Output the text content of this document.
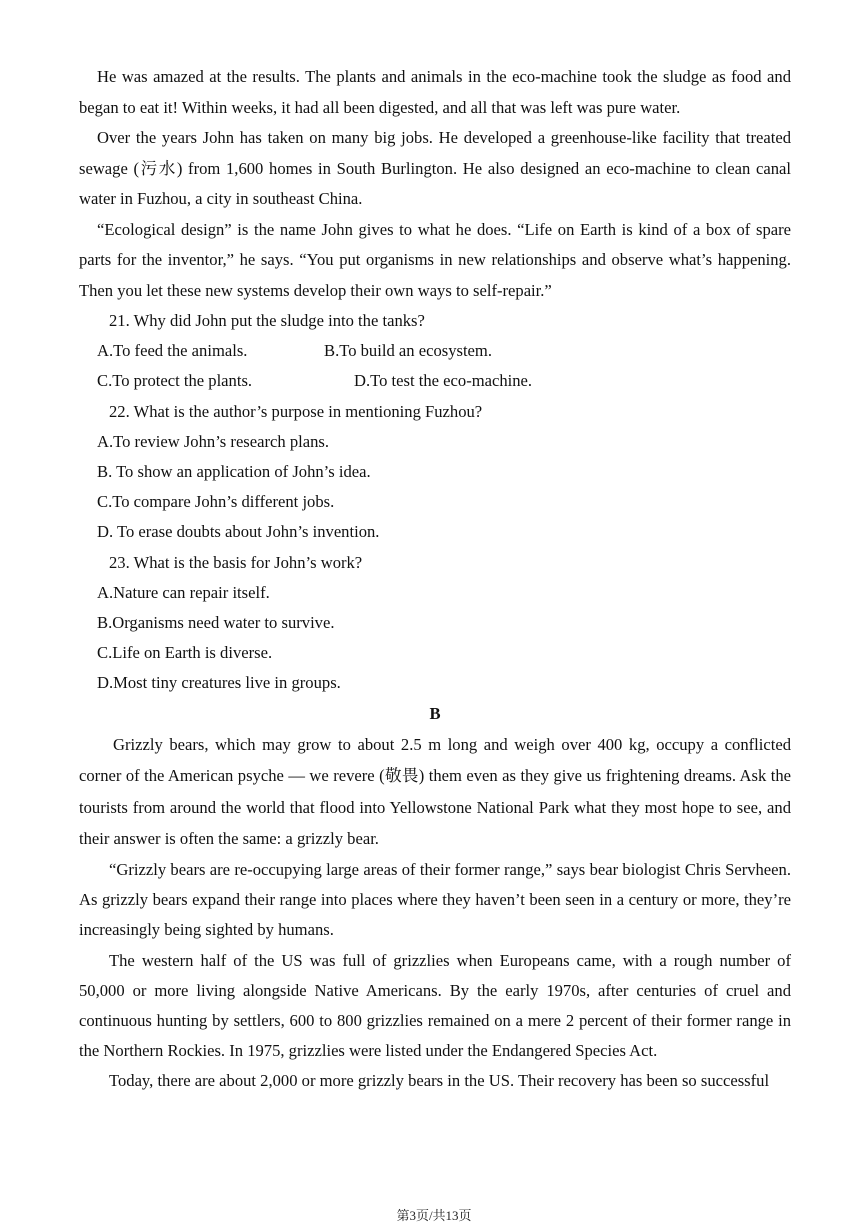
He was amazed at the results. The plants and animals in the eco-machine took the sludge as food and began to eat it! Within weeks, it had all been digested, and all that was left was pure water.

Over the years John has taken on many big jobs. He developed a greenhouse-like facility that treated sewage (污水) from 1,600 homes in South Burlington. He also designed an eco-machine to clean canal water in Fuzhou, a city in southeast China.

“Ecological design” is the name John gives to what he does. “Life on Earth is kind of a box of spare parts for the inventor,” he says. “You put organisms in new relationships and observe what’s happening. Then you let these new systems develop their own ways to self-repair.”

21. Why did John put the sludge into the tanks?

A.To feed the animals.	B.To build an ecosystem.
C.To protect the plants.	D.To test the eco-machine.

22. What is the author’s purpose in mentioning Fuzhou?

A.To review John’s research plans.

B. To show an application of John’s idea.

C.To compare John’s different jobs.

D. To erase doubts about John’s invention.

23. What is the basis for John’s work?

A.Nature can repair itself.

B.Organisms need water to survive.

C.Life on Earth is diverse.

D.Most tiny creatures live in groups.

B

Grizzly bears, which may grow to about 2.5 m long and weigh over 400 kg, occupy a conflicted corner of the American psyche — we revere (敬畏) them even as they give us frightening dreams. Ask the tourists from around the world that flood into Yellowstone National Park what they most hope to see, and their answer is often the same: a grizzly bear.

“Grizzly bears are re-occupying large areas of their former range,” says bear biologist Chris Servheen. As grizzly bears expand their range into places where they haven’t been seen in a century or more, they’re increasingly being sighted by humans.

The western half of the US was full of grizzlies when Europeans came, with a rough number of 50,000 or more living alongside Native Americans. By the early 1970s, after centuries of cruel and continuous hunting by settlers, 600 to 800 grizzlies remained on a mere 2 percent of their former range in the Northern Rockies. In 1975, grizzlies were listed under the Endangered Species Act.

Today, there are about 2,000 or more grizzly bears in the US. Their recovery has been so successful

第3页/共13页
